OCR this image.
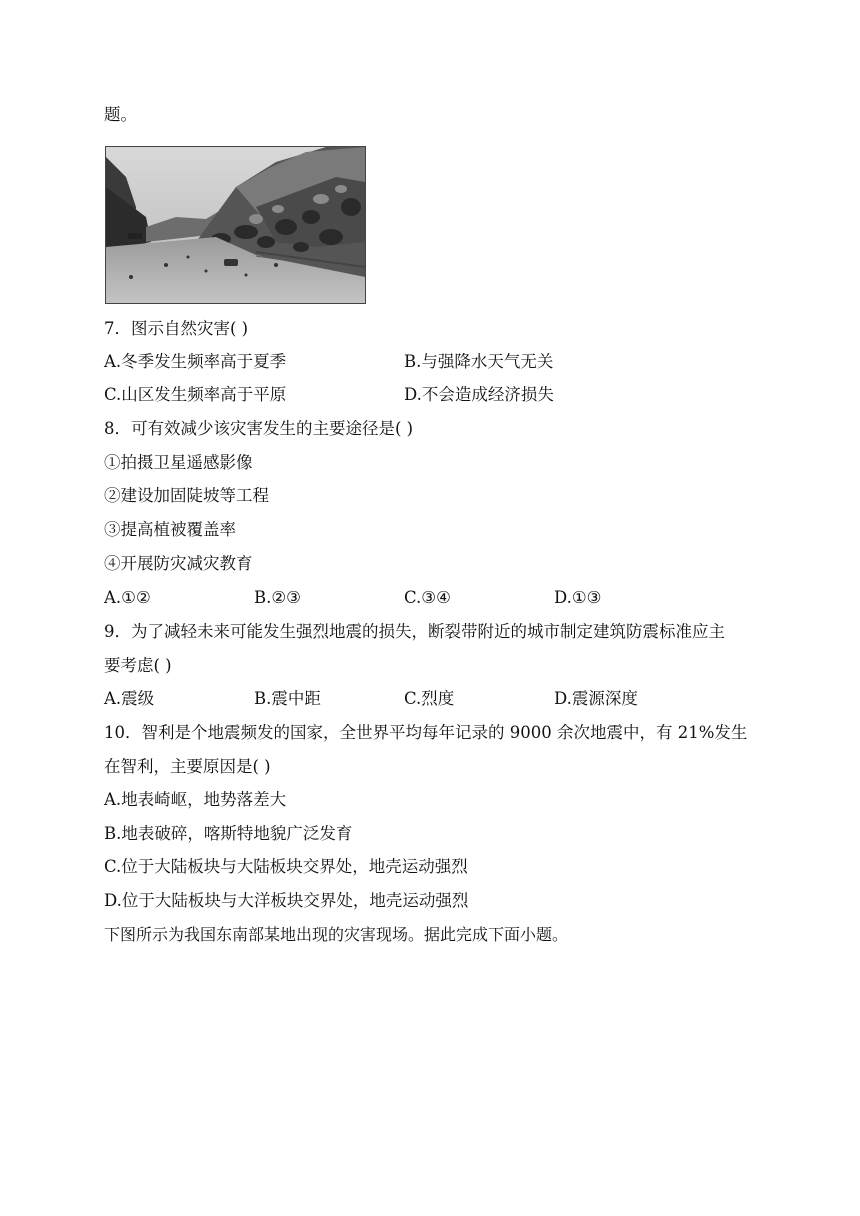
题。
7．图示自然灾害( )
A.冬季发生频率高于夏季	B.与强降水天气无关
C.山区发生频率高于平原	D.不会造成经济损失
8．可有效减少该灾害发生的主要途径是( )
①拍摄卫星遥感影像
②建设加固陡坡等工程
③提高植被覆盖率
④开展防灾减灾教育
A.①②	B.②③	C.③④	D.①③
9．为了减轻未来可能发生强烈地震的损失，断裂带附近的城市制定建筑防震标准应主
要考虑( )
A.震级	B.震中距	C.烈度	D.震源深度
10．智利是个地震频发的国家，全世界平均每年记录的 9000 余次地震中，有 21%发生
在智利，主要原因是( )
A.地表崎岖，地势落差大
B.地表破碎，喀斯特地貌广泛发育
C.位于大陆板块与大陆板块交界处，地壳运动强烈
D.位于大陆板块与大洋板块交界处，地壳运动强烈
下图所示为我国东南部某地出现的灾害现场。据此完成下面小题。
